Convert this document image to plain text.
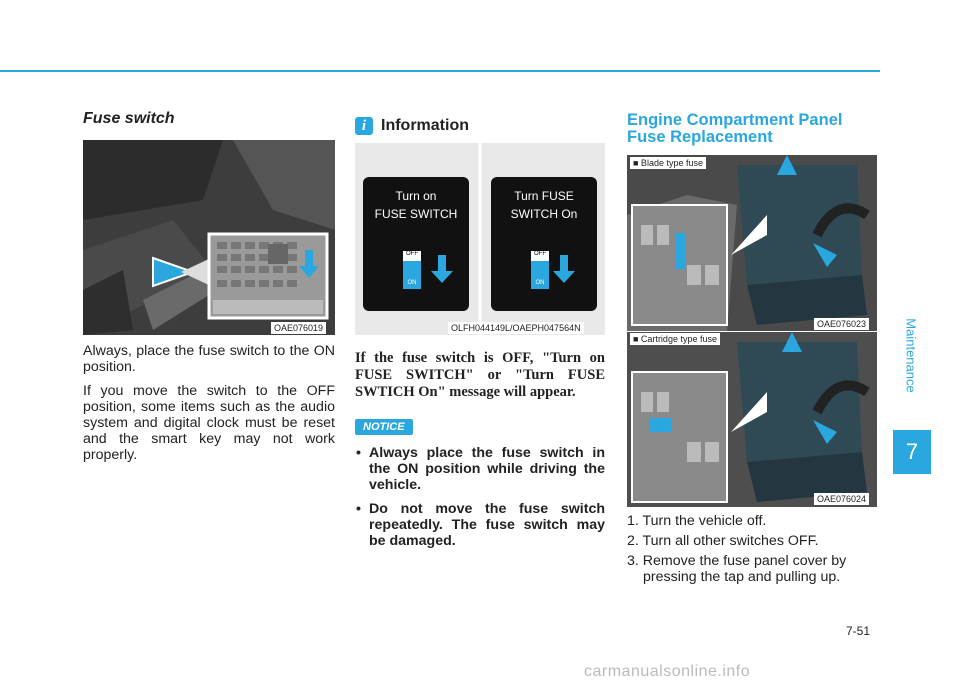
Maintenance
7

Fuse switch

OAE076019

Always, place the fuse switch to the ON position.

If you move the switch to the OFF position, some items such as the audio system and digital clock must be reset and the smart key may not work properly.

i Information
Turn on
FUSE SWITCH
Turn FUSE
SWITCH On
OFF
ON
OFF
ON
OLFH044149L/OAEPH047564N

If the fuse switch is OFF, "Turn on FUSE SWITCH" or "Turn FUSE SWTICH On" message will appear.

NOTICE
• Always place the fuse switch in the ON position while driving the vehicle.
• Do not move the fuse switch repeatedly. The fuse switch may be damaged.

Engine Compartment Panel

Fuse Replacement

■ Blade type fuse
OAE076023
■ Cartridge type fuse
OAE076024
1. Turn the vehicle off.
2. Turn all other switches OFF.
3. Remove the fuse panel cover by pressing the tap and pulling up.
7-51
carmanualsonline.info
